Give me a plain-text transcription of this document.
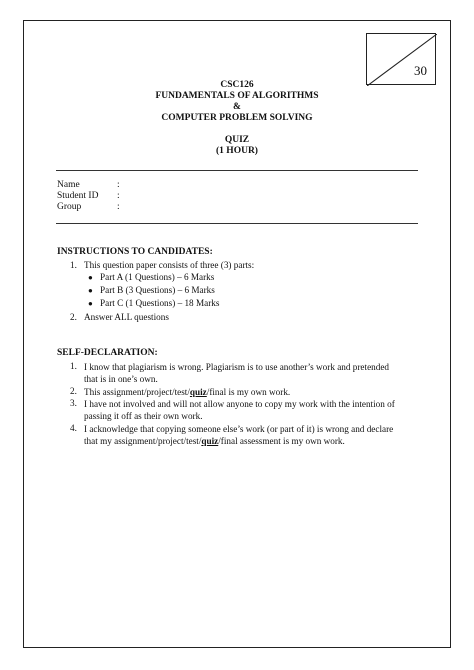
30
CSC126
FUNDAMENTALS OF ALGORITHMS
&
COMPUTER PROBLEM SOLVING
QUIZ
(1 HOUR)
Name	:
Student ID :
Group	:
INSTRUCTIONS TO CANDIDATES:
1. This question paper consists of three (3) parts:
● Part A (1 Questions) – 6 Marks
● Part B (3 Questions) – 6 Marks
● Part C (1 Questions) – 18 Marks
2. Answer ALL questions
SELF-DECLARATION:
1. I know that plagiarism is wrong. Plagiarism is to use another’s work and pretended
that is in one’s own.
2. This assignment/project/test/quiz/final is my own work.
3. I have not involved and will not allow anyone to copy my work with the intention of
passing it off as their own work.
4. I acknowledge that copying someone else’s work (or part of it) is wrong and declare
that my assignment/project/test/quiz/final assessment is my own work.
